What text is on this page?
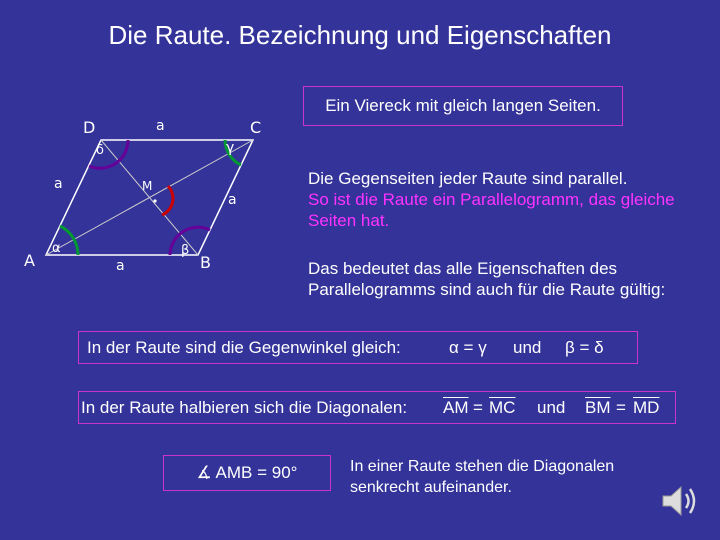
Die Raute. Bezeichnung und Eigenschaften
A	B
C
D
M
a
a
a
a
α	β
γ
δ
Ein Viereck mit gleich langen Seiten.
Die Gegenseiten jeder Raute sind parallel.
So ist die Raute ein Parallelogramm, das gleiche Seiten hat.
Das bedeutet das alle Eigenschaften des Parallelogramms sind auch für die Raute gültig:
In der Raute sind die Gegenwinkel gleich:	α = γ und β = δ
In der Raute halbieren sich die Diagonalen: $\overline{AM} = \overline{MC}$ und $\overline{BM} = \overline{MD}$
∡ AMB = 90°	In einer Raute stehen die Diagonalen senkrecht aufeinander.
